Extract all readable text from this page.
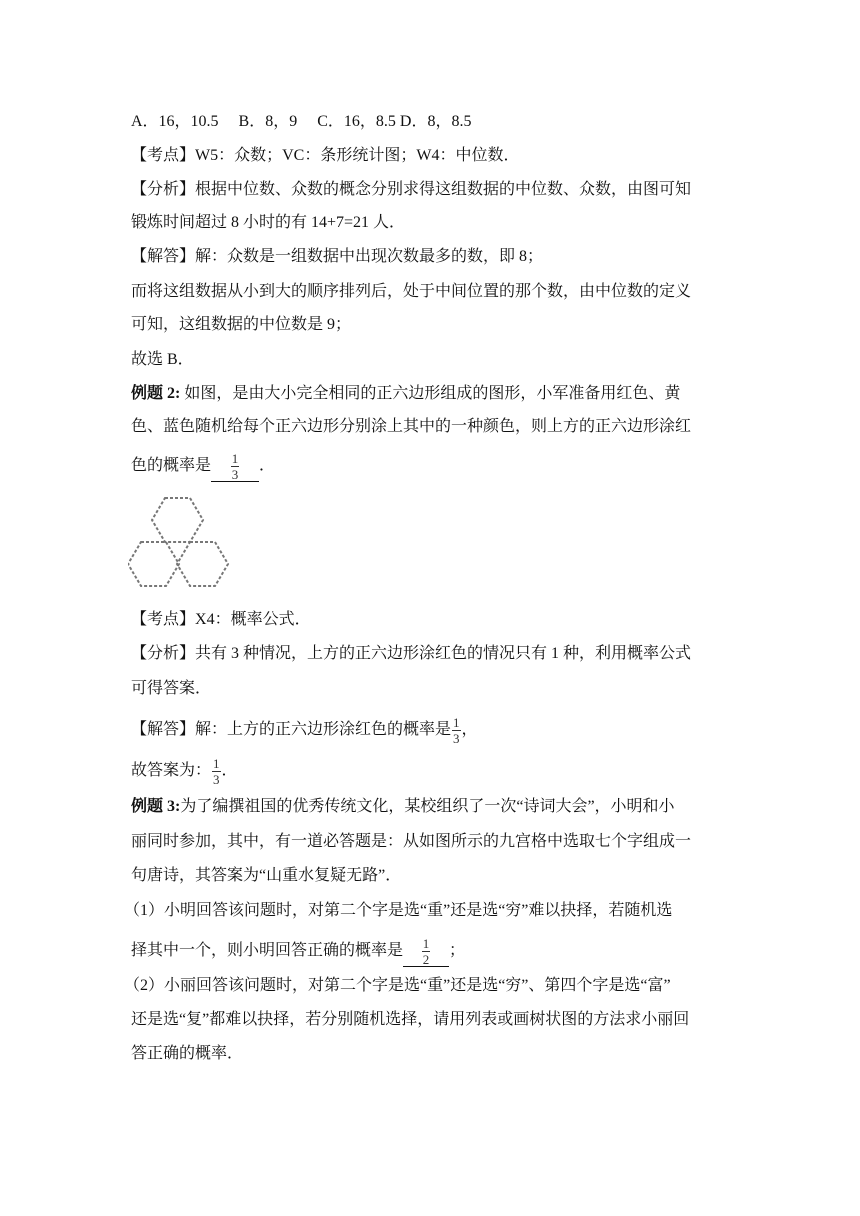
A．16，10.5　 B．8，9　 C．16，8.5 D．8，8.5
【考点】W5：众数；VC：条形统计图；W4：中位数．
【分析】根据中位数、众数的概念分别求得这组数据的中位数、众数，由图可知
锻炼时间超过 8 小时的有 14+7=21 人．
【解答】解：众数是一组数据中出现次数最多的数，即 8；
而将这组数据从小到大的顺序排列后，处于中间位置的那个数，由中位数的定义
可知，这组数据的中位数是 9；
故选 B．
例题 2: 如图，是由大小完全相同的正六边形组成的图形，小军准备用红色、黄
色、蓝色随机给每个正六边形分别涂上其中的一种颜色，则上方的正六边形涂红
色的概率是 $\frac{1}{3}$ ．
【考点】X4：概率公式．
【分析】共有 3 种情况，上方的正六边形涂红色的情况只有 1 种，利用概率公式
可得答案．
【解答】解：上方的正六边形涂红色的概率是 $\frac{1}{3}$ ，
故答案为： $\frac{1}{3}$ ．
例题 3:为了编撰祖国的优秀传统文化，某校组织了一次“诗词大会”，小明和小
丽同时参加，其中，有一道必答题是：从如图所示的九宫格中选取七个字组成一
句唐诗，其答案为“山重水复疑无路”．
（1）小明回答该问题时，对第二个字是选“重”还是选“穷”难以抉择，若随机选
择其中一个，则小明回答正确的概率是 $\frac{1}{2}$ ；
（2）小丽回答该问题时，对第二个字是选“重”还是选“穷”、第四个字是选“富”
还是选“复”都难以抉择，若分别随机选择，请用列表或画树状图的方法求小丽回
答正确的概率．
